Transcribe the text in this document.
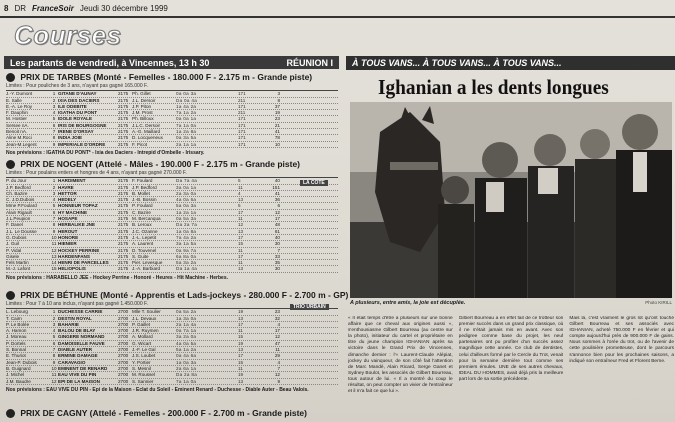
8 DR FranceSoir Jeudi 30 décembre 1999
Courses
Les partants de vendredi, à Vincennes, 13 h 30	RÉUNION I
PRIX DE TARBES (Monté - Femelles - 180.000 F - 2.175 m - Grande piste)
Limites : Pour pouliches de 3 ans, n'ayant pas gagné 165.000 F.
J.-Y. Dumont	1 GITANE D'AUNAY	2175 Ph. Gillet	0a 0a 3a	171	3
E. Salle	2 IXIA DES DACIERS	2175 J.L. Dersoir	Da 0a 4a	211	8
E.-A. Le Roy	3 ILE ODEBITE	2175 J.P. Piton	1a 4a 2a	171	37
F. Dauphin	4 IGATHA DU PONT	2175 J.M. Prost	7a 1a 2a	211	19
M. Hostier	5 IDOLE ROYALE	2175 Ph. Billoux	0a 0a 1a	171	23
Sersee nA.	6 IRIS DE BOURGOGNE	2175 J.L.C. Dersoir	7a 1a 0a	171	21
Benoit nA.	7 IRENE D'ORSAY	2175 A.-G. Maillard	1a 2a 8a	171	41
Aline M.Roci	8 INDIA JOIE	2175 D. Locqueneux	0a 3a 5a	171	78
Jean-M.Legent	9 IMPERIALE D'ORDRE	2175 F. Picot	2a 1a 1a	171	10
Nos prévisions : IGATHA DU PONT* - Ixia des Daciers - Intrepid d'Ombelle - Irissary.
PRIX DE NOGENT (Attelé - Mâles - 190.000 F - 2.175 m - Grande piste)
Limites : Pour poulains entiers et hongres de 4 ans, n'ayant pas gagné 270.000 F.
P. du Jour	1 HARDIMENT	2175 F. Foulard	Da 7a 4a	5	40
J.P. Bedford	2 HAVRE	2175 J.P. Bedford	3a 0a 1a	11	151
Ch. Bazire	3 HETTOR	2175 B. Mollet	2a 3a 0a	4	41
C. J.D.Dubois	4 HEDELY	2175 J.-B. Bossin	4a 0a 6a	13	36
Mme P.Foulard	5 HONNEUR TOPAZ	2175 P. Foulard	5a 0a 3a	5	6
Alain Rigault	6 HY MACHINE	2175 C. Bazire	1a 2a 1a	17	12
J.L.Peupion	7 HOSAPE	2175 M. Bercanqua	0a 5a 3a	11	17
F. Danel	8 HERBALIKE JNE	2175 B. Leroux	Da 2a 7a	12	48
J.L. Le Dousse	9 HEROUT	2175 J.C. Ozanne	1a 0a 8a	13	61
G. Dubois	10 HONORE	2175 J.-L. Lepetit	7a 4a 2a	17	40
J. Guil	11 HIENIER	2175 A. Laurent	3a 1a 5a	15	30
P. Vidal	12 HOCKEY PERRINE	2175 D. Touvenel	0a 9a 7a	11	7
Gisele	13 HARDENFANS	2175 S. Guite	6a 8a 0a	17	33
Fels Martin	14 HENRI DE PARCELLES	2175 Pier. Levesque	5a 3a 2a	11	35
M.-J. Lafont	15 HELIOPOLIS	2175 J.-A. Barbiard	Da 1a 4a	13	30
Nos prévisions : HARABELLO JEE - Hockey Perrine - Honoré - Heures - Hit Machine - Herbes.
LA COTE
PRIX DE BÉTHUNE (Monté - Apprentis et Lads-jockeys - 280.000 F - 2.700 m - GP)
Limites : Pour 7 à 10 ans inclus, n'ayant pas gagné 1.450.000 F.
L. Lebourg	1 DUCHESSE CARRIE	2700 Mlle T. Soulier	0a 5a 2a	19	23
T. Cairn	2 DESTIN ROYAL	2700 J.L. Devaux	1a 3a 0a	13	32
P. Le Bolée	3 BAHARIE	2700 P. Gaillet	2a 1a 4a	17	4
A. Hamon	4 BALOU DE BLAY	2700 J.R. Ruymen	0a 7a 1a	11	17
J. Moreau	5 GINGERE NORMAND	2700 A. Mollard	3a 2a 0a	15	12
P. Dortels	6 DAMOISELLE FAUVE	2700 G. Wicart	4a 0a 5a	19	47
S. Bonnal	7 DIABLE AUTER	2700 J.-F. Le Gal	5a 1a 2a	13	11
E. Thuriot	8 ERMINE DAMAGE	2700 J.S. Loubet	0a 4a 6a	17	29
Jean-P. Dubois	9 CARAVAGIO	2700 Y. Portier	1a 0a 3a	15	4
B. Guignard	10 EMINENT DE RENARD	2700 S. Mesnil	2a 6a 1a	11	7
J. Michel	11 EAU VIVE DU PIN	2700 M. Roussel	Da 2a 8a	19	12
J.M. Baudre	12 EPI DE LA MAISON	2700 S. Sannier	7a 1a 0a	13	9
Nos prévisions : EAU VIVE DU PIN - Epi de la Maison - Eclat du Soleil - Eminent Renard - Duchesse - Diable Auter - Beau Valois.
TRIO URBAIN
PRIX DE CAGNY (Attelé - Femelles - 200.000 F - 2.700 m - Grande piste)
À TOUS VANS... À TOUS VANS... À TOUS VANS...
Ighanian a les dents longues
A plusieurs, entre amis, la joie est décuplée.	Photo KIRILL
« Il était temps d'être à plusieurs sur une bonne affaire que ce cheval aux origines aussi », s'enthousiasme Gilbert Bourreau (au centre sur la photo), initiateur du cartel et propriétaire en titre du jeune champion IGHANIAN après sa victoire dans le Grand Prix de Vincennes, dimanche dernier : l'« Laurent-Claude Alépiat, jockey du vainqueur, de son côté fait l'attention de Marc Mandé, Alain Ricard, Serge Ganet et Sydney Boulot, les associés de Gilbert Bourreau, tous autour de lui. « Il a montré du coup le résultat, on peut compter un vivier de l'entraîneur et il m'a fait ce que lui ».
Gilbert Bourreau a en effet fait de ce trotteur son premier succès dans un grand prix classique, où il ne s'était jamais mis en avant. Avec son pedigree comme base du projet, les neuf partenaires ont pu profiter d'un succès assez magnifique cette année. Ce club de dentistes, celui d'ailleurs formé par le Cercle du Trot, venait pour la semaine dernière tout comme ses premiers émules. UNE de ses autres chevaux, IDEAL DU HOMMES, avait déjà pris la meilleure part lors de sa sortie précédente.
Mais là, c'est vraiment le gros lot qu'ont touché Gilbert Bourreau et ses associés avec IGHANIAN, acheté 750.000 F en février et qui compte aujourd'hui près de 900.000 F de gains. Nous sommes à l'orée du trot, ou de l'avenir de cette poulinière prometteuse, dont le parcours s'annonce bien pour les prochaines saisons, a indiqué son entraîneur Fred et Florent Berne.
